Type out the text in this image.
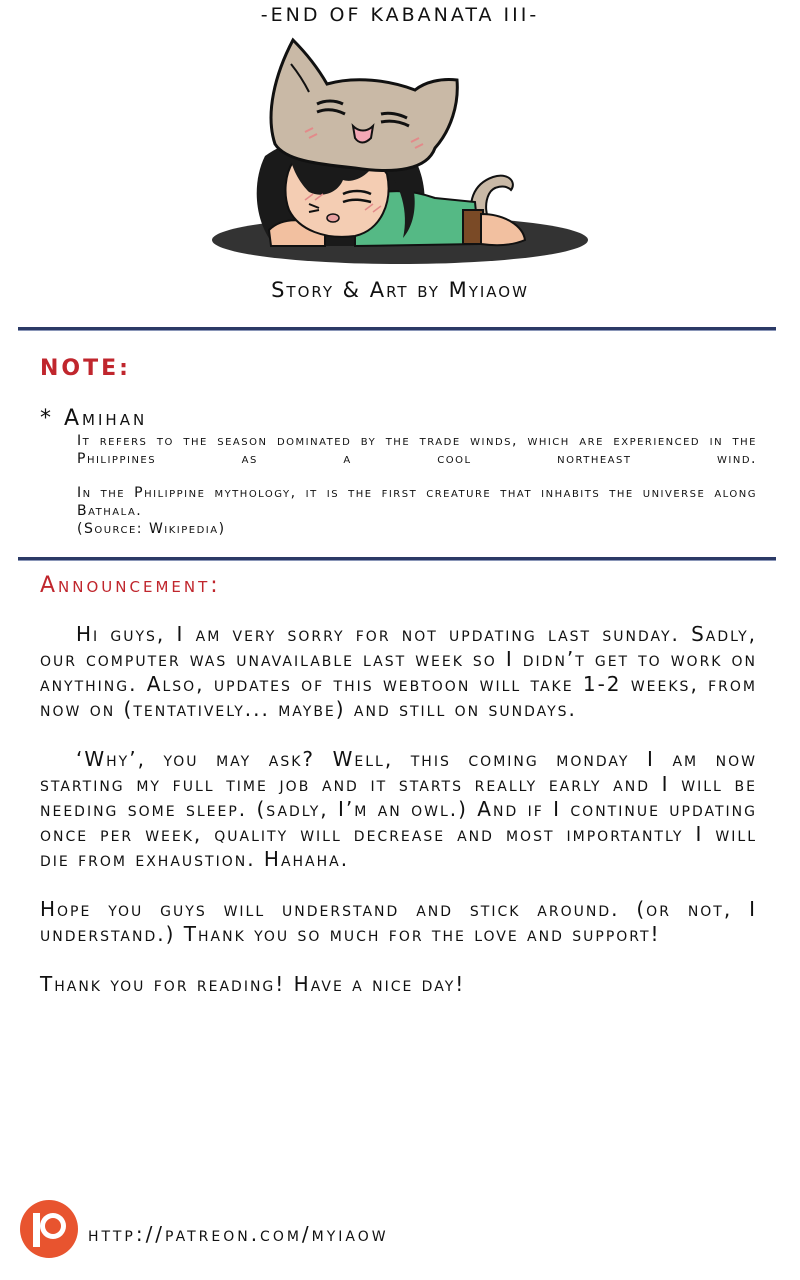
-END OF KABANATA III-
Story & Art by Myiaow
NOTE:
* Amihan

It refers to the season dominated by the trade winds, which are experienced in the Philippines as a cool northeast wind.

In the Philippine mythology, it is the first creature that inhabits the universe along Bathala.

(Source: Wikipedia)

Announcement:

Hi guys, I am very sorry for not updating last sunday. Sadly, our computer was unavailable last week so I didn’t get to work on anything. Also, updates of this webtoon will take 1-2 weeks, from now on (tentatively... maybe) and still on sundays.

‘Why’, you may ask? Well, this coming monday I am now starting my full time job and it starts really early and I will be needing some sleep. (sadly, I’m an owl.) And if I continue updating once per week, quality will decrease and most importantly I will die from exhaustion. Hahaha.

Hope you guys will understand and stick around. (or not, I understand.) Thank you so much for the love and support!

Thank you for reading! Have a nice day!

http://patreon.com/myiaow
